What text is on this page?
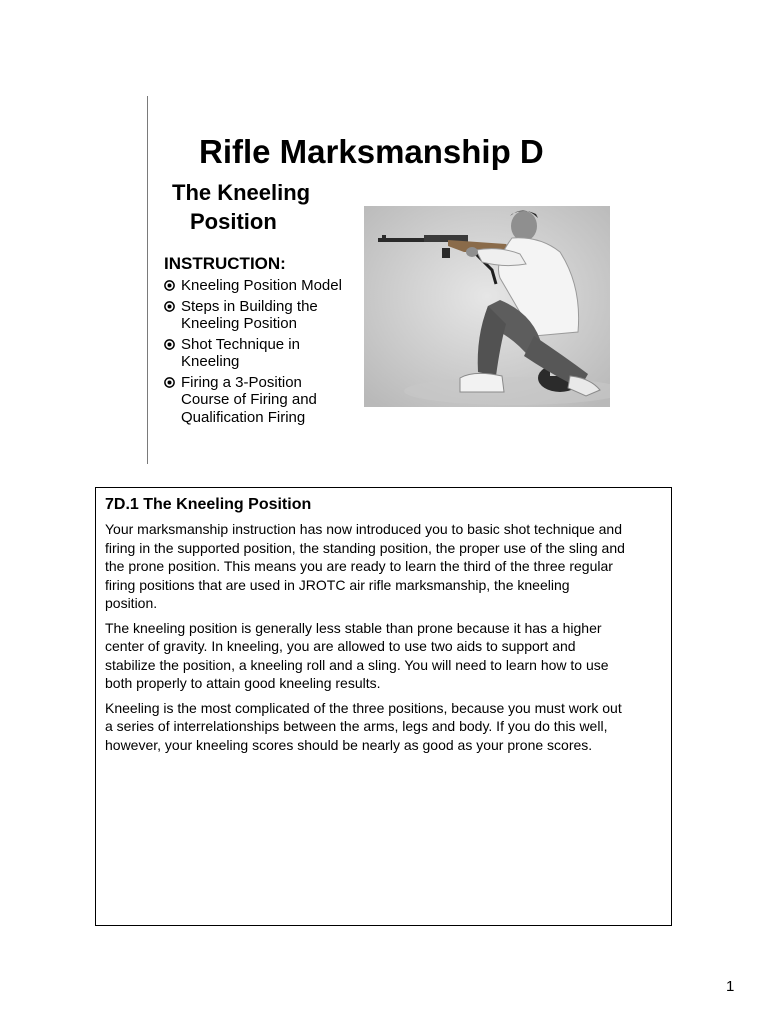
Rifle Marksmanship D
The Kneeling
Position
INSTRUCTION:
Kneeling Position Model
Steps in Building the
Kneeling Position
Shot Technique in
Kneeling
Firing a 3-Position
Course of Firing and
Qualification Firing
7D.1 The Kneeling Position

Your marksmanship instruction has now introduced you to basic shot technique and
firing in the supported position, the standing position, the proper use of the sling and
the prone position. This means you are ready to learn the third of the three regular
firing positions that are used in JROTC air rifle marksmanship, the kneeling
position.

The kneeling position is generally less stable than prone because it has a higher
center of gravity. In kneeling, you are allowed to use two aids to support and
stabilize the position, a kneeling roll and a sling. You will need to learn how to use
both properly to attain good kneeling results.

Kneeling is the most complicated of the three positions, because you must work out
a series of interrelationships between the arms, legs and body. If you do this well,
however, your kneeling scores should be nearly as good as your prone scores.

1
